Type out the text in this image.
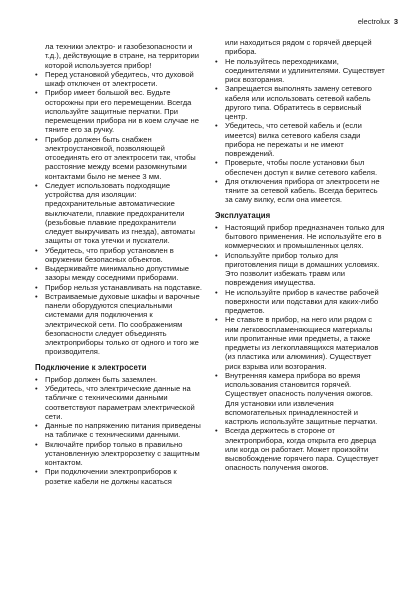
electrolux 3
ла техники электро- и газобезопасности и т.д.), действующие в стране, на территории которой используется прибор!
• Перед установкой убедитесь, что духовой шкаф отключен от электросети.
• Прибор имеет большой вес. Будьте осторожны при его перемещении. Всегда используйте защитные перчатки. При перемещении прибора ни в коем случае не тяните его за ручку.
• Прибор должен быть снабжен электроустановкой, позволяющей отсоединять его от электросети так, чтобы расстояние между всеми разомкнутыми контактами было не менее 3 мм.
• Следует использовать подходящие устройства для изоляции: предохранительные автоматические выключатели, плавкие предохранители (резьбовые плавкие предохранители следует выкручивать из гнезда), автоматы защиты от тока утечки и пускатели.
• Убедитесь, что прибор установлен в окружении безопасных объектов.
• Выдерживайте минимально допустимые зазоры между соседними приборами.
• Прибор нельзя устанавливать на подставке.
• Встраиваемые духовые шкафы и варочные панели оборудуются специальными системами для подключения к электрической сети. По соображениям безопасности следует объединять электроприборы только от одного и того же производителя.
Подключение к электросети
• Прибор должен быть заземлен.
• Убедитесь, что электрические данные на табличке с техническими данными соответствуют параметрам электрической сети.
• Данные по напряжению питания приведены на табличке с техническими данными.
• Включайте прибор только в правильно установленную электророзетку с защитным контактом.
• При подключении электроприборов к розетке кабели не должны касаться
или находиться рядом с горячей дверцей прибора.
• Не пользуйтесь переходниками, соединителями и удлинителями. Существует риск возгорания.
• Запрещается выполнять замену сетевого кабеля или использовать сетевой кабель другого типа. Обратитесь в сервисный центр.
• Убедитесь, что сетевой кабель и (если имеется) вилка сетевого кабеля сзади прибора не пережаты и не имеют повреждений.
• Проверьте, чтобы после установки был обеспечен доступ к вилке сетевого кабеля.
• Для отключения прибора от электросети не тяните за сетевой кабель. Всегда беритесь за саму вилку, если она имеется.
Эксплуатация
• Настоящий прибор предназначен только для бытового применения. Не используйте его в коммерческих и промышленных целях.
• Используйте прибор только для приготовления пищи в домашних условиях. Это позволит избежать травм или повреждения имущества.
• Не используйте прибор в качестве рабочей поверхности или подставки для каких-либо предметов.
• Не ставьте в прибор, на него или рядом с ним легковоспламеняющиеся материалы или пропитанные ими предметы, а также предметы из легкоплавящихся материалов (из пластика или алюминия). Существует риск взрыва или возгорания.
• Внутренняя камера прибора во время использования становится горячей. Существует опасность получения ожогов. Для установки или извлечения вспомогательных принадлежностей и кастрюль используйте защитные перчатки.
• Всегда держитесь в стороне от электроприбора, когда открыта его дверца или когда он работает. Может произойти высвобождение горячего пара. Существует опасность получения ожогов.
